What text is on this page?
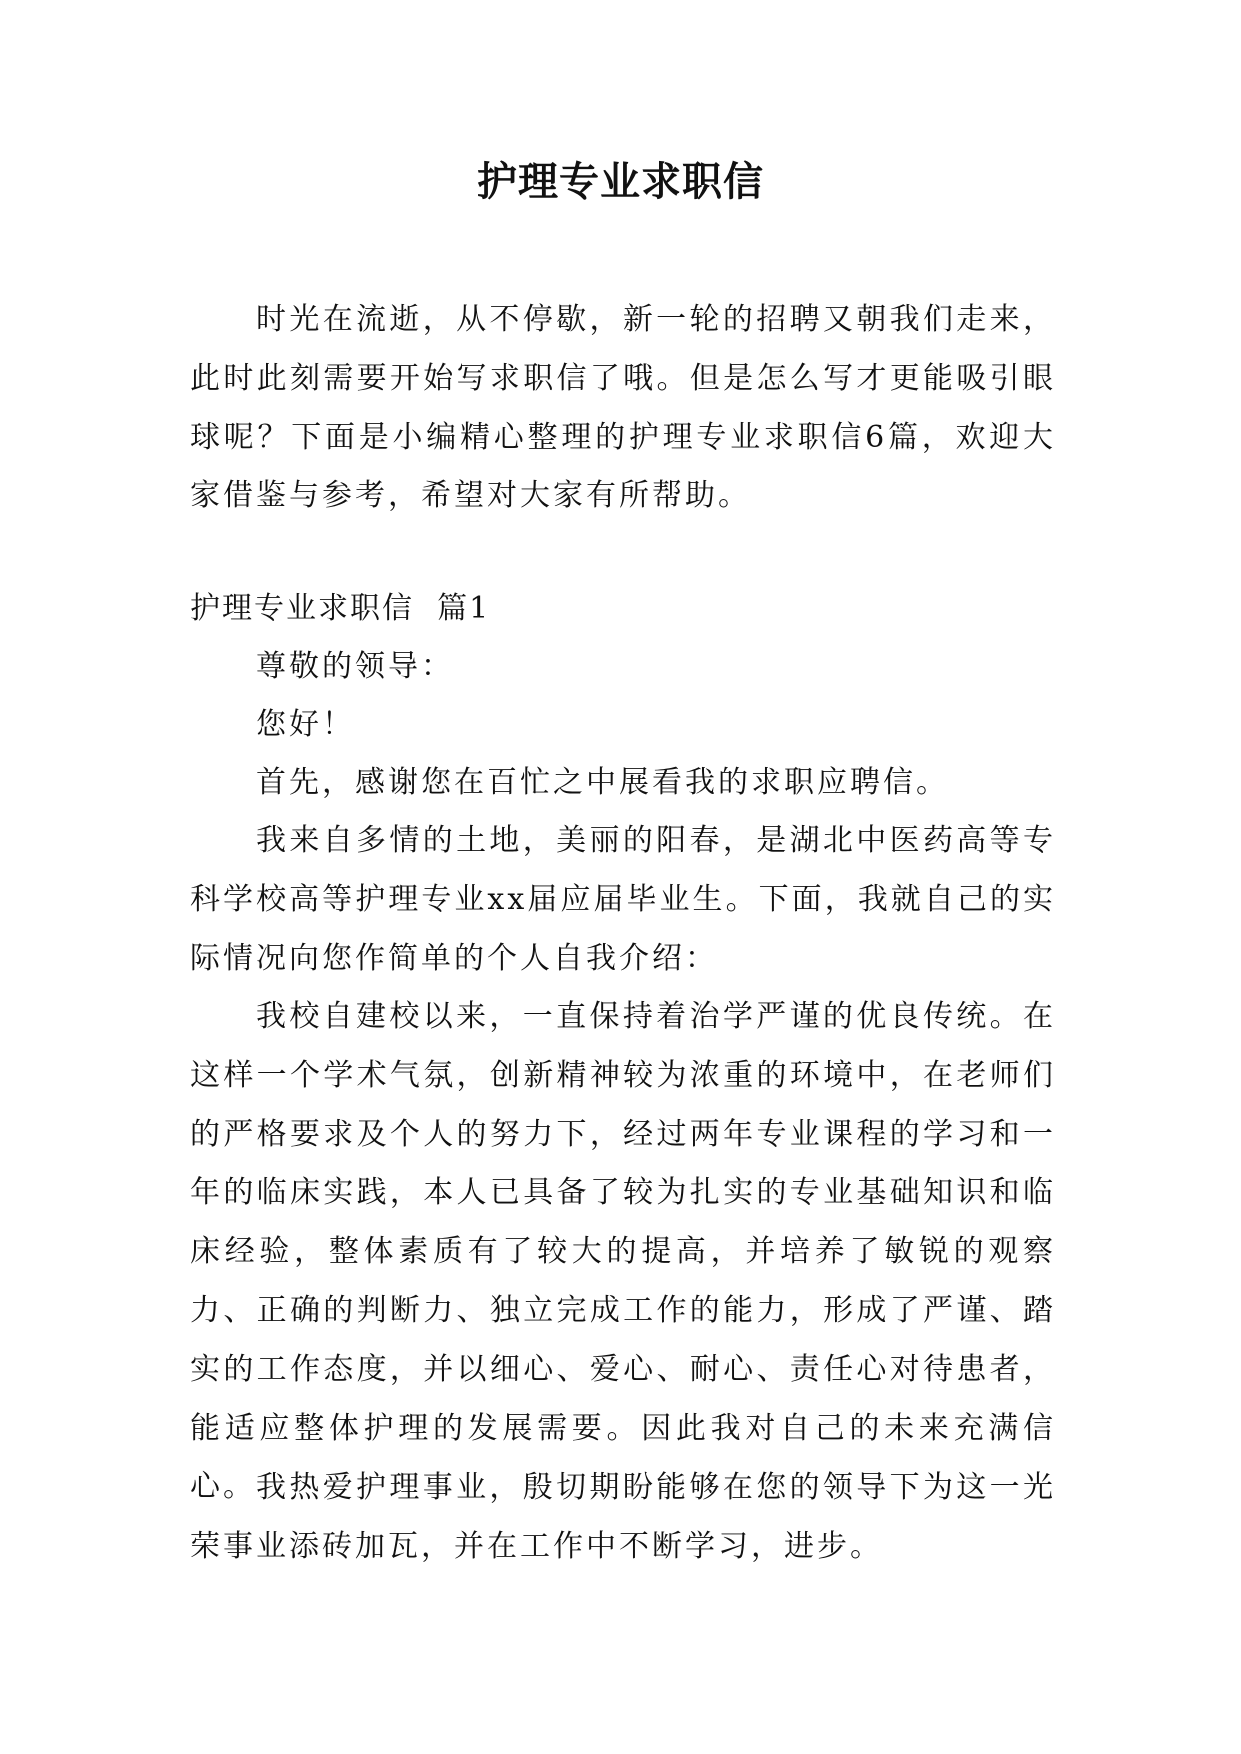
护理专业求职信

时光在流逝，从不停歇，新一轮的招聘又朝我们走来，此时此刻需要开始写求职信了哦。但是怎么写才更能吸引眼球呢？下面是小编精心整理的护理专业求职信6篇，欢迎大家借鉴与参考，希望对大家有所帮助。

护理专业求职信  篇1

尊敬的领导：

您好！

首先，感谢您在百忙之中展看我的求职应聘信。

我来自多情的土地，美丽的阳春，是湖北中医药高等专科学校高等护理专业xx届应届毕业生。下面，我就自己的实际情况向您作简单的个人自我介绍：

我校自建校以来，一直保持着治学严谨的优良传统。在这样一个学术气氛，创新精神较为浓重的环境中，在老师们的严格要求及个人的努力下，经过两年专业课程的学习和一年的临床实践，本人已具备了较为扎实的专业基础知识和临床经验，整体素质有了较大的提高，并培养了敏锐的观察力、正确的判断力、独立完成工作的能力，形成了严谨、踏实的工作态度，并以细心、爱心、耐心、责任心对待患者，能适应整体护理的发展需要。因此我对自己的未来充满信心。 我热爱护理事业，殷切期盼能够在您的领导下为这一光荣事业添砖加瓦，并在工作中不断学习，进步。
